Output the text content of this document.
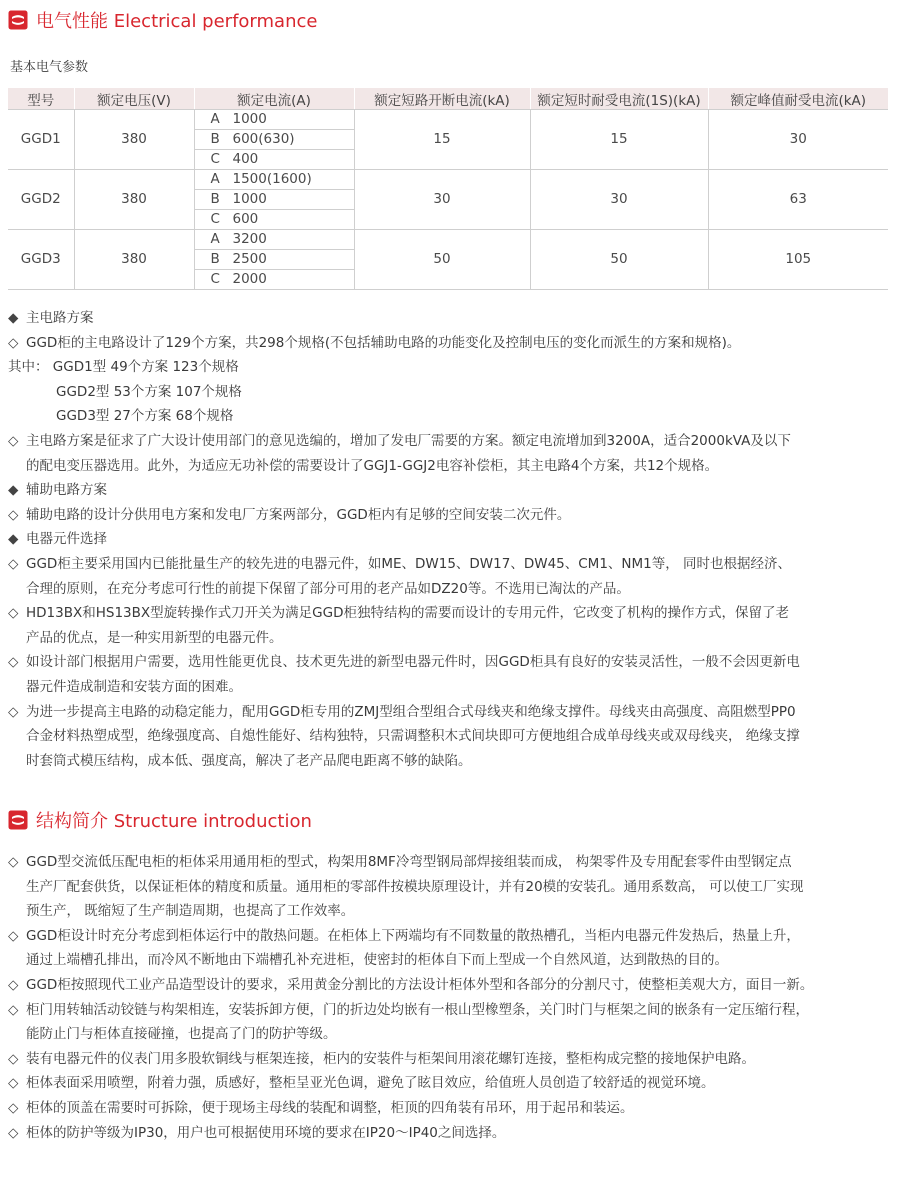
电气性能 Electrical performance
基本电气参数
型号	额定电压(V)	额定电流(A)	额定短路开断电流(kA)	额定短时耐受电流(1S)(kA)	额定峰值耐受电流(kA)
GGD1	380	A 1000	15	15	30
		B 600(630)			
		C 400			
GGD2	380	A 1500(1600)	30	30	63
		B 1000			
		C 600			
GGD3	380	A 3200	50	50	105
		B 2500			
		C 2000			
◆ 主电路方案
◇ GGD柜的主电路设计了129个方案，共298个规格(不包括辅助电路的功能变化及控制电压的变化而派生的方案和规格)。
其中： GGD1型 49个方案 123个规格
GGD2型 53个方案 107个规格
GGD3型 27个方案 68个规格
◇ 主电路方案是征求了广大设计使用部门的意见选编的，增加了发电厂需要的方案。额定电流增加到3200A，适合2000kVA及以下
的配电变压器选用。此外，为适应无功补偿的需要设计了GGJ1-GGJ2电容补偿柜，其主电路4个方案，共12个规格。
◆ 辅助电路方案
◇ 辅助电路的设计分供用电方案和发电厂方案两部分，GGD柜内有足够的空间安装二次元件。
◆ 电器元件选择
◇ GGD柜主要采用国内已能批量生产的较先进的电器元件，如ME、DW15、DW17、DW45、CM1、NM1等， 同时也根据经济、
合理的原则，在充分考虑可行性的前提下保留了部分可用的老产品如DZ20等。不选用已淘汰的产品。
◇ HD13BX和HS13BX型旋转操作式刀开关为满足GGD柜独特结构的需要而设计的专用元件，它改变了机构的操作方式，保留了老
产品的优点，是一种实用新型的电器元件。
◇ 如设计部门根据用户需要，选用性能更优良、技术更先进的新型电器元件时，因GGD柜具有良好的安装灵活性，一般不会因更新电
器元件造成制造和安装方面的困难。
◇ 为进一步提高主电路的动稳定能力，配用GGD柜专用的ZMJ型组合型组合式母线夹和绝缘支撑件。母线夹由高强度、高阻燃型PP0
合金材料热塑成型，绝缘强度高、自熄性能好、结构独特，只需调整积木式间块即可方便地组合成单母线夹或双母线夹， 绝缘支撑
时套筒式模压结构，成本低、强度高，解决了老产品爬电距离不够的缺陷。
结构简介 Structure introduction
◇ GGD型交流低压配电柜的柜体采用通用柜的型式，构架用8MF冷弯型钢局部焊接组装而成， 构架零件及专用配套零件由型钢定点
生产厂配套供货，以保证柜体的精度和质量。通用柜的零部件按模块原理设计，并有20模的安装孔。通用系数高， 可以使工厂实现
预生产， 既缩短了生产制造周期，也提高了工作效率。
◇ GGD柜设计时充分考虑到柜体运行中的散热问题。在柜体上下两端均有不同数量的散热槽孔，当柜内电器元件发热后，热量上升，
通过上端槽孔排出，而冷风不断地由下端槽孔补充进柜，使密封的柜体自下而上型成一个自然风道，达到散热的目的。
◇ GGD柜按照现代工业产品造型设计的要求，采用黄金分割比的方法设计柜体外型和各部分的分割尺寸，使整柜美观大方，面目一新。
◇ 柜门用转轴活动铰链与构架相连，安装拆卸方便，门的折边处均嵌有一根山型橡塑条，关门时门与框架之间的嵌条有一定压缩行程，
能防止门与柜体直接碰撞，也提高了门的防护等级。
◇ 装有电器元件的仪表门用多股软铜线与框架连接，柜内的安装件与柜架间用滚花螺钉连接，整柜构成完整的接地保护电路。
◇ 柜体表面采用喷塑，附着力强，质感好，整柜呈亚光色调，避免了眩目效应，给值班人员创造了较舒适的视觉环境。
◇ 柜体的顶盖在需要时可拆除，便于现场主母线的装配和调整，柜顶的四角装有吊环，用于起吊和装运。
◇ 柜体的防护等级为IP30，用户也可根据使用环境的要求在IP20～IP40之间选择。
